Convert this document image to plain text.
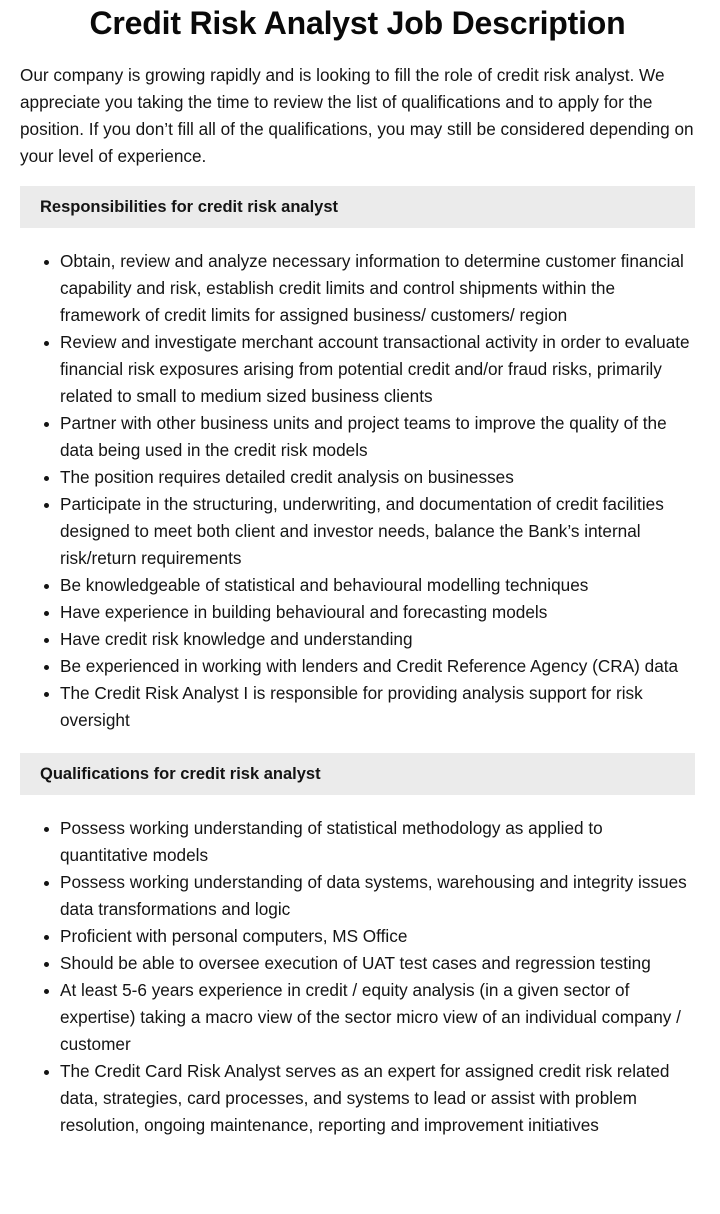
Credit Risk Analyst Job Description

Our company is growing rapidly and is looking to fill the role of credit risk analyst. We appreciate you taking the time to review the list of qualifications and to apply for the position. If you don’t fill all of the qualifications, you may still be considered depending on your level of experience.

Responsibilities for credit risk analyst
Obtain, review and analyze necessary information to determine customer financial capability and risk, establish credit limits and control shipments within the framework of credit limits for assigned business/ customers/ region
Review and investigate merchant account transactional activity in order to evaluate financial risk exposures arising from potential credit and/or fraud risks, primarily related to small to medium sized business clients
Partner with other business units and project teams to improve the quality of the data being used in the credit risk models
The position requires detailed credit analysis on businesses
Participate in the structuring, underwriting, and documentation of credit facilities designed to meet both client and investor needs, balance the Bank’s internal risk/return requirements
Be knowledgeable of statistical and behavioural modelling techniques
Have experience in building behavioural and forecasting models
Have credit risk knowledge and understanding
Be experienced in working with lenders and Credit Reference Agency (CRA) data
The Credit Risk Analyst I is responsible for providing analysis support for risk oversight
Qualifications for credit risk analyst
Possess working understanding of statistical methodology as applied to quantitative models
Possess working understanding of data systems, warehousing and integrity issues data transformations and logic
Proficient with personal computers, MS Office
Should be able to oversee execution of UAT test cases and regression testing
At least 5-6 years experience in credit / equity analysis (in a given sector of expertise) taking a macro view of the sector micro view of an individual company / customer
The Credit Card Risk Analyst serves as an expert for assigned credit risk related data, strategies, card processes, and systems to lead or assist with problem resolution, ongoing maintenance, reporting and improvement initiatives
